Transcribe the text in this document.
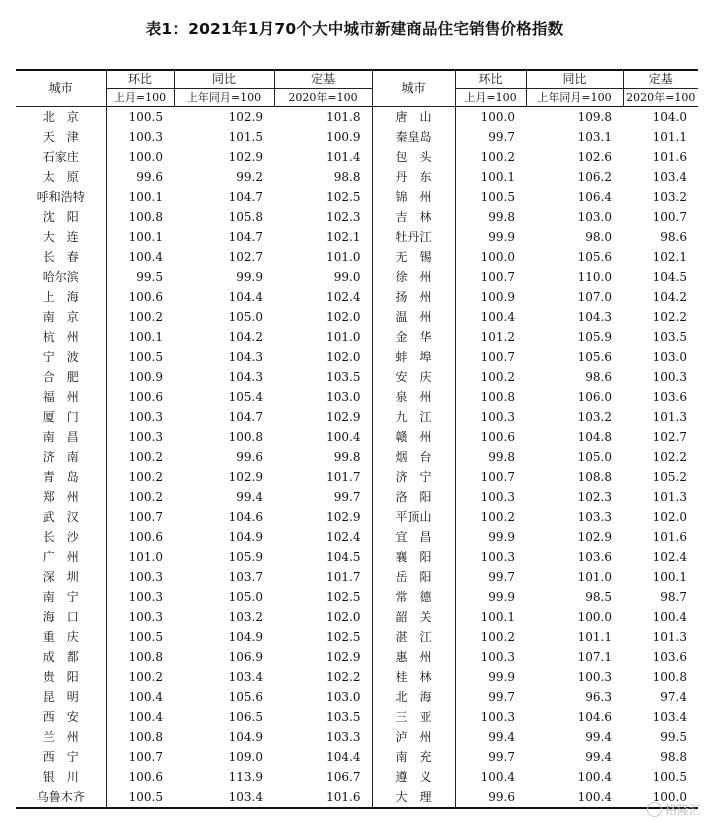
表1：2021年1月70个大中城市新建商品住宅销售价格指数
城市	环比	同比	定基	城市	环比	同比	定基
	上月=100	上年同月=100	2020年=100		上月=100	上年同月=100	2020年=100
北　京	100.5	102.9	101.8	唐　山	100.0	109.8	104.0
天　津	100.3	101.5	100.9	秦皇岛	99.7	103.1	101.1
石家庄	100.0	102.9	101.4	包　头	100.2	102.6	101.6
太　原	99.6	99.2	98.8	丹　东	100.1	106.2	103.4
呼和浩特	100.1	104.7	102.5	锦　州	100.5	106.4	103.2
沈　阳	100.8	105.8	102.3	吉　林	99.8	103.0	100.7
大　连	100.1	104.7	102.1	牡丹江	99.9	98.0	98.6
长　春	100.4	102.7	101.0	无　锡	100.0	105.6	102.1
哈尔滨	99.5	99.9	99.0	徐　州	100.7	110.0	104.5
上　海	100.6	104.4	102.4	扬　州	100.9	107.0	104.2
南　京	100.2	105.0	102.0	温　州	100.4	104.3	102.2
杭　州	100.1	104.2	101.0	金　华	101.2	105.9	103.5
宁　波	100.5	104.3	102.0	蚌　埠	100.7	105.6	103.0
合　肥	100.9	104.3	103.5	安　庆	100.2	98.6	100.3
福　州	100.6	105.4	103.0	泉　州	100.8	106.0	103.6
厦　门	100.3	104.7	102.9	九　江	100.3	103.2	101.3
南　昌	100.3	100.8	100.4	赣　州	100.6	104.8	102.7
济　南	100.2	99.6	99.8	烟　台	99.8	105.0	102.2
青　岛	100.2	102.9	101.7	济　宁	100.7	108.8	105.2
郑　州	100.2	99.4	99.7	洛　阳	100.3	102.3	101.3
武　汉	100.7	104.6	102.9	平顶山	100.2	103.3	102.0
长　沙	100.6	104.9	102.4	宜　昌	99.9	102.9	101.6
广　州	101.0	105.9	104.5	襄　阳	100.3	103.6	102.4
深　圳	100.3	103.7	101.7	岳　阳	99.7	101.0	100.1
南　宁	100.3	105.0	102.5	常　德	99.9	98.5	98.7
海　口	100.3	103.2	102.0	韶　关	100.1	100.0	100.4
重　庆	100.5	104.9	102.5	湛　江	100.2	101.1	101.3
成　都	100.8	106.9	102.9	惠　州	100.3	107.1	103.6
贵　阳	100.2	103.4	102.2	桂　林	99.9	100.3	100.8
昆　明	100.4	105.6	103.0	北　海	99.7	96.3	97.4
西　安	100.4	106.5	103.5	三　亚	100.3	104.6	103.4
兰　州	100.8	104.9	103.3	泸　州	99.4	99.4	99.5
西　宁	100.7	109.0	104.4	南　充	99.7	99.4	98.8
银　川	100.6	113.9	106.7	遵　义	100.4	100.4	100.5
乌鲁木齐	100.5	103.4	101.6	大　理	99.6	100.4	100.0
格隆汇
